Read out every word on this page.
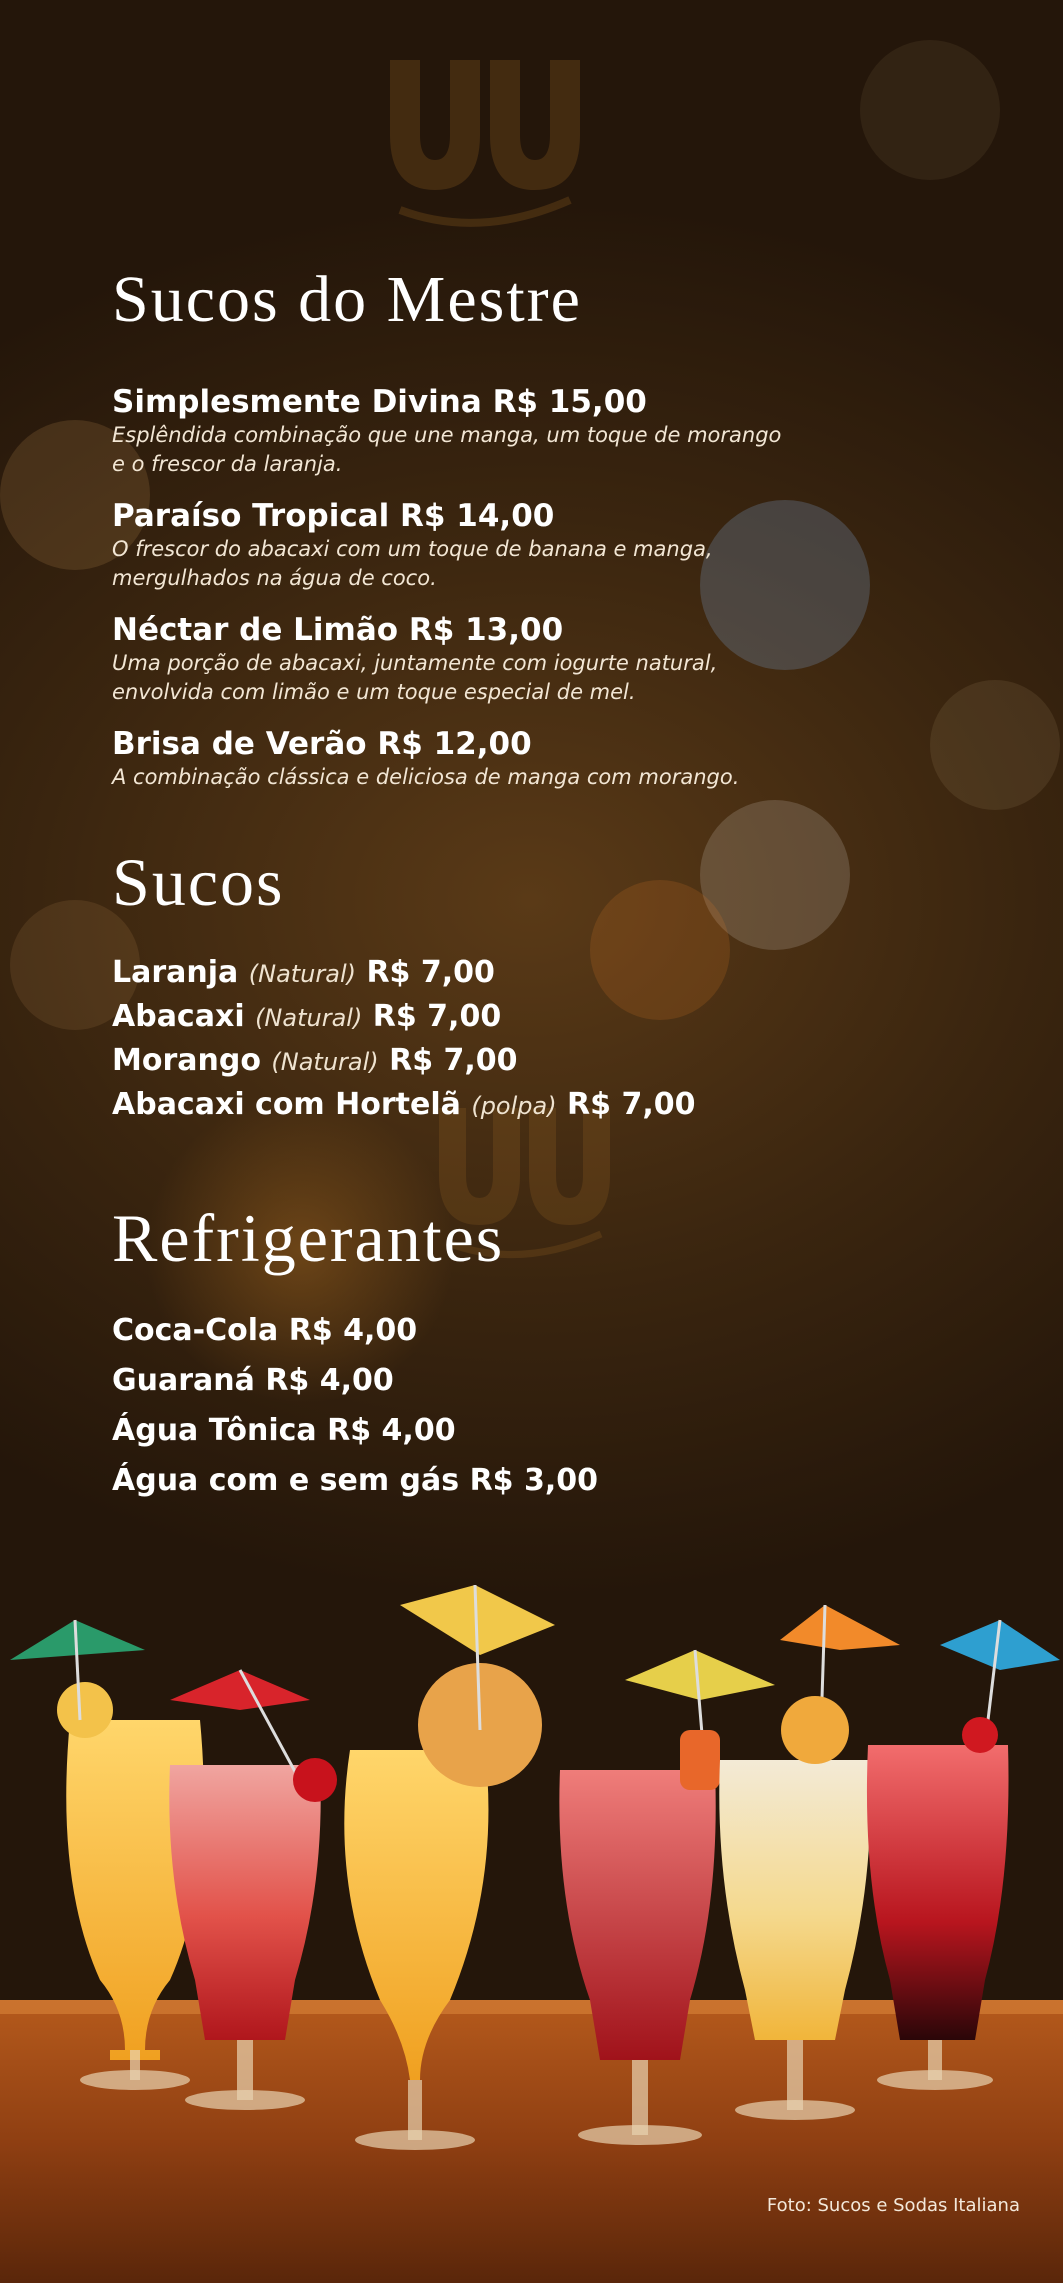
Sucos do Mestre
Simplesmente Divina R$ 15,00
Esplêndida combinação que une manga, um toque de morango
e o frescor da laranja.
Paraíso Tropical R$ 14,00
O frescor do abacaxi com um toque de banana e manga,
mergulhados na água de coco.
Néctar de Limão R$ 13,00
Uma porção de abacaxi, juntamente com iogurte natural,
envolvida com limão e um toque especial de mel.
Brisa de Verão R$ 12,00
A combinação clássica e deliciosa de manga com morango.
Sucos
Laranja (Natural) R$ 7,00
Abacaxi (Natural) R$ 7,00
Morango (Natural) R$ 7,00
Abacaxi com Hortelã (polpa) R$ 7,00
Refrigerantes
Coca-Cola R$ 4,00
Guaraná R$ 4,00
Água Tônica R$ 4,00
Água com e sem gás R$ 3,00
Foto: Sucos e Sodas Italiana
